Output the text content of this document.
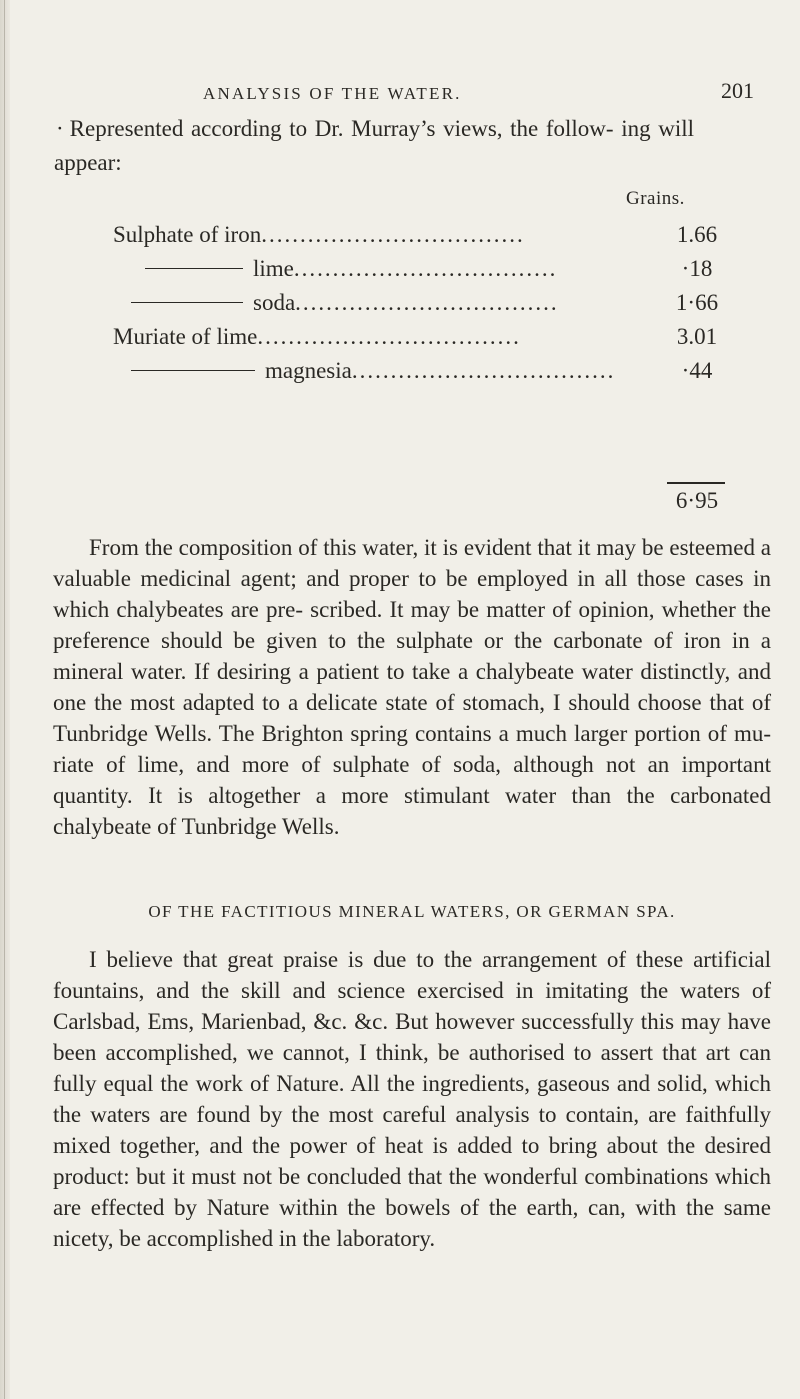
ANALYSIS OF THE WATER.	201
· Represented according to Dr. Murray’s views, the follow- ing will appear:
Grains.
Sulphate of iron..................................	1.66
lime..................................	·18
soda..................................	1·66
Muriate of lime..................................	3.01
magnesia..................................	·44
6·95
From the composition of this water, it is evident that it may be esteemed a valuable medicinal agent; and proper to be employed in all those cases in which chalybeates are pre- scribed. It may be matter of opinion, whether the preference should be given to the sulphate or the carbonate of iron in a mineral water. If desiring a patient to take a chalybeate water distinctly, and one the most adapted to a delicate state of stomach, I should choose that of Tunbridge Wells. The Brighton spring contains a much larger portion of mu- riate of lime, and more of sulphate of soda, although not an important quantity. It is altogether a more stimulant water than the carbonated chalybeate of Tunbridge Wells.
OF THE FACTITIOUS MINERAL WATERS, OR GERMAN SPA.
I believe that great praise is due to the arrangement of these artificial fountains, and the skill and science exercised in imitating the waters of Carlsbad, Ems, Marienbad, &c. &c. But however successfully this may have been accomplished, we cannot, I think, be authorised to assert that art can fully equal the work of Nature. All the ingredients, gaseous and solid, which the waters are found by the most careful analysis to contain, are faithfully mixed together, and the power of heat is added to bring about the desired product: but it must not be concluded that the wonderful combinations which are effected by Nature within the bowels of the earth, can, with the same nicety, be accomplished in the laboratory.
